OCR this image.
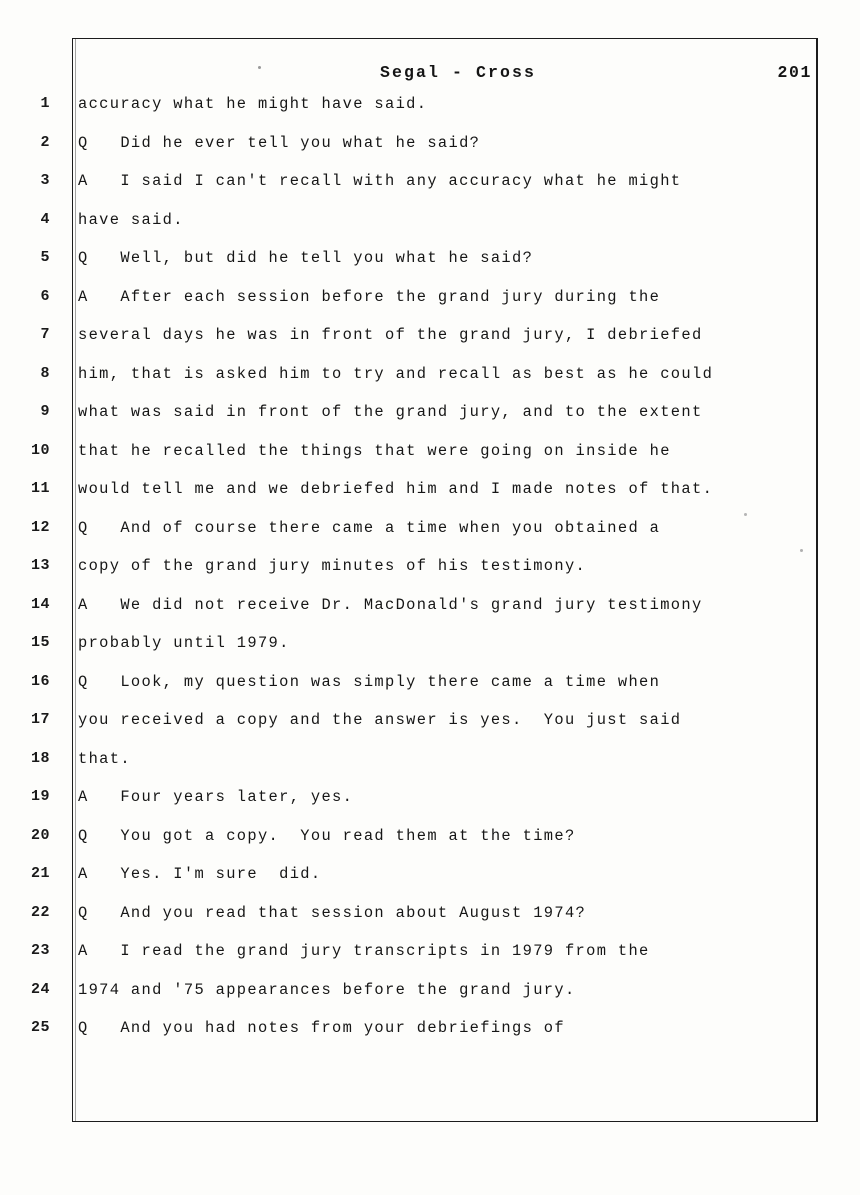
Segal - Cross	201
1	accuracy what he might have said.
2	Q   Did he ever tell you what he said?
3	A   I said I can't recall with any accuracy what he might
4	have said.
5	Q   Well, but did he tell you what he said?
6	A   After each session before the grand jury during the
7	several days he was in front of the grand jury, I debriefed
8	him, that is asked him to try and recall as best as he could
9	what was said in front of the grand jury, and to the extent
10	that he recalled the things that were going on inside he
11	would tell me and we debriefed him and I made notes of that.
12	Q   And of course there came a time when you obtained a
13	copy of the grand jury minutes of his testimony.
14	A   We did not receive Dr. MacDonald's grand jury testimony
15	probably until 1979.
16	Q   Look, my question was simply there came a time when
17	you received a copy and the answer is yes.  You just said
18	that.
19	A   Four years later, yes.
20	Q   You got a copy.  You read them at the time?
21	A   Yes. I'm sure  did.
22	Q   And you read that session about August 1974?
23	A   I read the grand jury transcripts in 1979 from the
24	1974 and '75 appearances before the grand jury.
25	Q   And you had notes from your debriefings of
